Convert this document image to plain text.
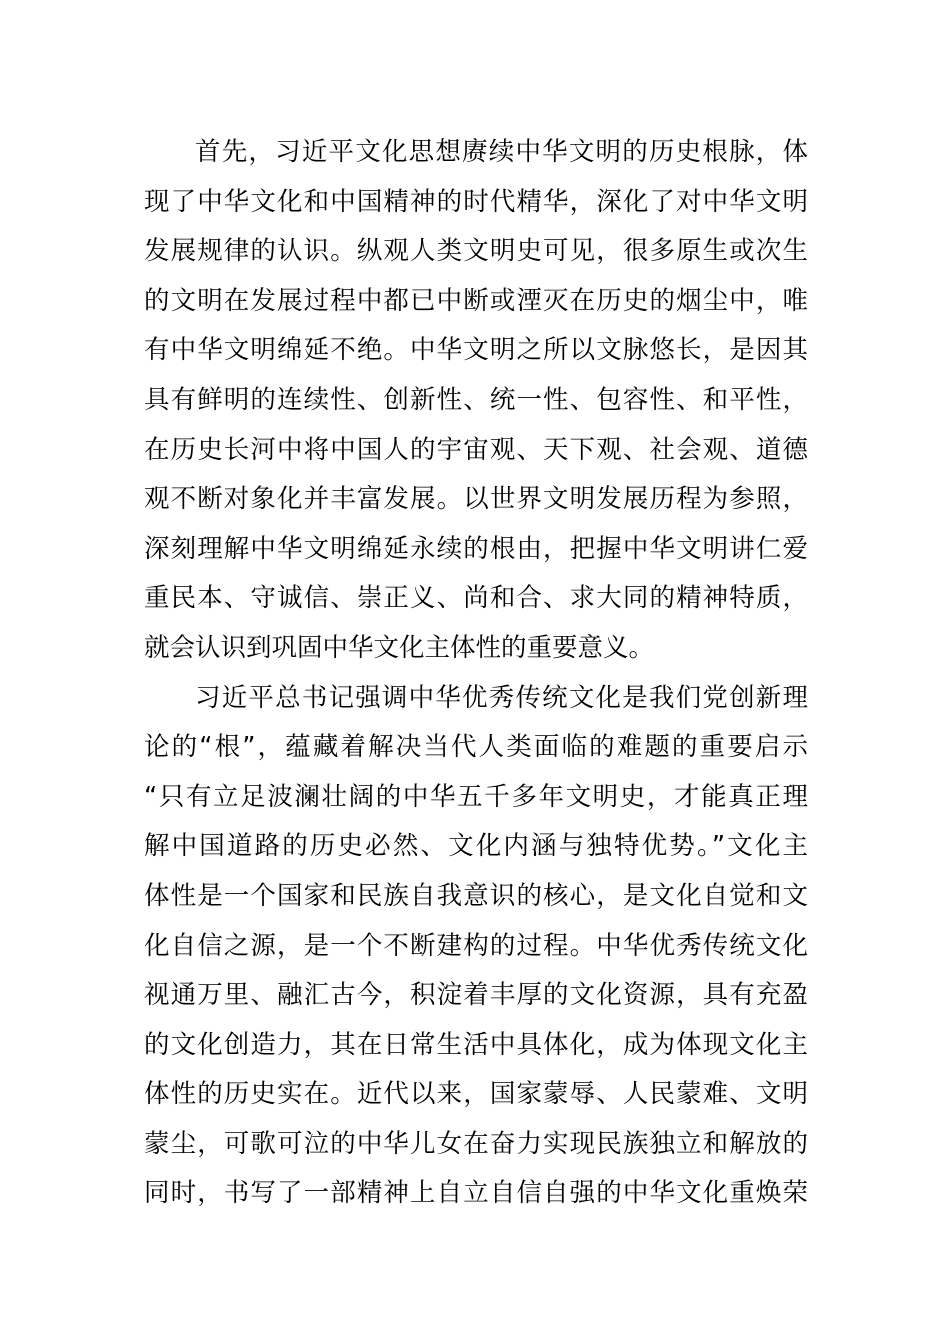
首先，习近平文化思想赓续中华文明的历史根脉，体
现了中华文化和中国精神的时代精华，深化了对中华文明
发展规律的认识。纵观人类文明史可见，很多原生或次生
的文明在发展过程中都已中断或湮灭在历史的烟尘中，唯
有中华文明绵延不绝。中华文明之所以文脉悠长，是因其
具有鲜明的连续性、创新性、统一性、包容性、和平性，
在历史长河中将中国人的宇宙观、天下观、社会观、道德
观不断对象化并丰富发展。以世界文明发展历程为参照，
深刻理解中华文明绵延永续的根由，把握中华文明讲仁爱
重民本、守诚信、崇正义、尚和合、求大同的精神特质，
就会认识到巩固中华文化主体性的重要意义。
习近平总书记强调中华优秀传统文化是我们党创新理
论的“根”，蕴藏着解决当代人类面临的难题的重要启示
“只有立足波澜壮阔的中华五千多年文明史，才能真正理
解中国道路的历史必然、文化内涵与独特优势。”文化主
体性是一个国家和民族自我意识的核心，是文化自觉和文
化自信之源，是一个不断建构的过程。中华优秀传统文化
视通万里、融汇古今，积淀着丰厚的文化资源，具有充盈
的文化创造力，其在日常生活中具体化，成为体现文化主
体性的历史实在。近代以来，国家蒙辱、人民蒙难、文明
蒙尘，可歌可泣的中华儿女在奋力实现民族独立和解放的
同时，书写了一部精神上自立自信自强的中华文化重焕荣
